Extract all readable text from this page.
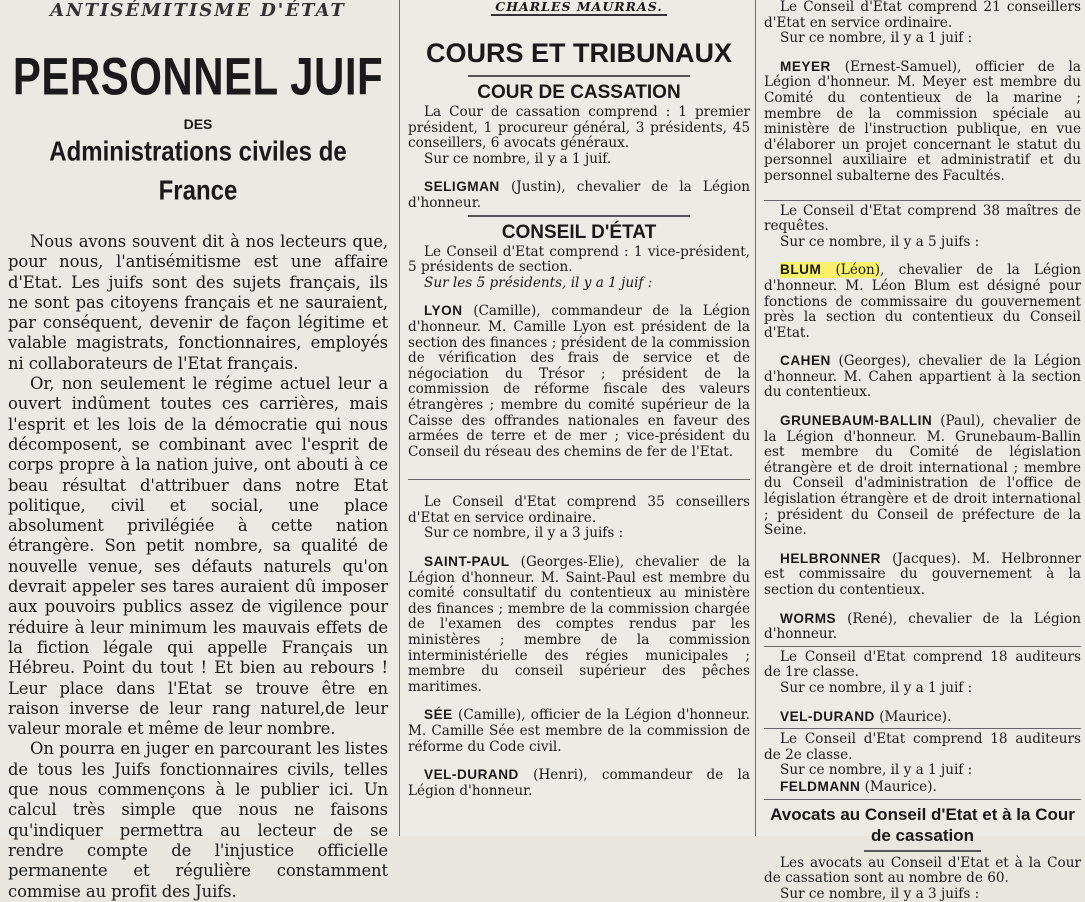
ANTISÉMITISME D'ÉTAT
PERSONNEL JUIF
DES
Administrations civiles de France

Nous avons souvent dit à nos lecteurs que, pour nous, l'antisémitisme est une affaire d'Etat. Les juifs sont des sujets français, ils ne sont pas citoyens français et ne sauraient, par conséquent, devenir de façon légitime et valable magistrats, fonctionnaires, employés ni collaborateurs de l'Etat français.

Or, non seulement le régime actuel leur a ouvert indûment toutes ces carrières, mais l'esprit et les lois de la démocratie qui nous décomposent, se combinant avec l'esprit de corps propre à la nation juive, ont abouti à ce beau résultat d'attribuer dans notre Etat politique, civil et social, une place absolument privilégiée à cette nation étrangère. Son petit nombre, sa qualité de nouvelle venue, ses défauts naturels qu'on devrait appeler ses tares auraient dû imposer aux pouvoirs publics assez de vigilence pour réduire à leur minimum les mauvais effets de la fiction légale qui appelle Français un Hébreu. Point du tout ! Et bien au rebours ! Leur place dans l'Etat se trouve être en raison inverse de leur rang naturel,de leur valeur morale et même de leur nombre.

On pourra en juger en parcourant les listes de tous les Juifs fonctionnaires civils, telles que nous commençons à le publier ici. Un calcul très simple que nous ne faisons qu'indiquer permettra au lecteur de se rendre compte de l'injustice officielle permanente et régulière constamment commise au profit des Juifs.

CHARLES MAURRAS.
COURS ET TRIBUNAUX
COUR DE CASSATION

La Cour de cassation comprend : 1 premier président, 1 procureur général, 3 présidents, 45 conseillers, 6 avocats généraux.

Sur ce nombre, il y a 1 juif.

SELIGMAN (Justin), chevalier de la Légion d'honneur.

CONSEIL D'ÉTAT

Le Conseil d'Etat comprend : 1 vice-président, 5 présidents de section.

Sur les 5 présidents, il y a 1 juif :

LYON (Camille), commandeur de la Légion d'honneur. M. Camille Lyon est président de la section des finances ; président de la commission de vérification des frais de service et de négociation du Trésor ; président de la commission de réforme fiscale des valeurs étrangères ; membre du comité supérieur de la Caisse des offrandes nationales en faveur des armées de terre et de mer ; vice-président du Conseil du réseau des chemins de fer de l'Etat.

Le Conseil d'Etat comprend 35 conseillers d'Etat en service ordinaire.

Sur ce nombre, il y a 3 juifs :

SAINT-PAUL (Georges-Elie), chevalier de la Légion d'honneur. M. Saint-Paul est membre du comité consultatif du contentieux au ministère des finances ; membre de la commission chargée de l'examen des comptes rendus par les ministères ; membre de la commission interministérielle des régies municipales ; membre du conseil supérieur des pêches maritimes.

SÉE (Camille), officier de la Légion d'honneur. M. Camille Sée est membre de la commission de réforme du Code civil.

VEL-DURAND (Henri), commandeur de la Légion d'honneur.

Le Conseil d'Etat comprend 21 conseillers d'Etat en service ordinaire.

Sur ce nombre, il y a 1 juif :

MEYER (Ernest-Samuel), officier de la Légion d'honneur. M. Meyer est membre du Comité du contentieux de la marine ; membre de la commission spéciale au ministère de l'instruction publique, en vue d'élaborer un projet concernant le statut du personnel auxiliaire et administratif et du personnel subalterne des Facultés.

Le Conseil d'Etat comprend 38 maîtres de requêtes.

Sur ce nombre, il y a 5 juifs :

BLUM (Léon), chevalier de la Légion d'honneur. M. Léon Blum est désigné pour fonctions de commissaire du gouvernement près la section du contentieux du Conseil d'Etat.

CAHEN (Georges), chevalier de la Légion d'honneur. M. Cahen appartient à la section du contentieux.

GRUNEBAUM-BALLIN (Paul), chevalier de la Légion d'honneur. M. Grunebaum-Ballin est membre du Comité de législation étrangère et de droit international ; membre du Conseil d'administration de l'office de législation étrangère et de droit international ; président du Conseil de préfecture de la Seine.

HELBRONNER (Jacques). M. Helbronner est commissaire du gouvernement à la section du contentieux.

WORMS (René), chevalier de la Légion d'honneur.

Le Conseil d'Etat comprend 18 auditeurs de 1re classe.

Sur ce nombre, il y a 1 juif :

VEL-DURAND (Maurice).

Le Conseil d'Etat comprend 18 auditeurs de 2e classe.

Sur ce nombre, il y a 1 juif :

FELDMANN (Maurice).

Avocats au Conseil d'Etat et à la Cour de cassation

Les avocats au Conseil d'Etat et à la Cour de cassation sont au nombre de 60.

Sur ce nombre, il y a 3 juifs :
